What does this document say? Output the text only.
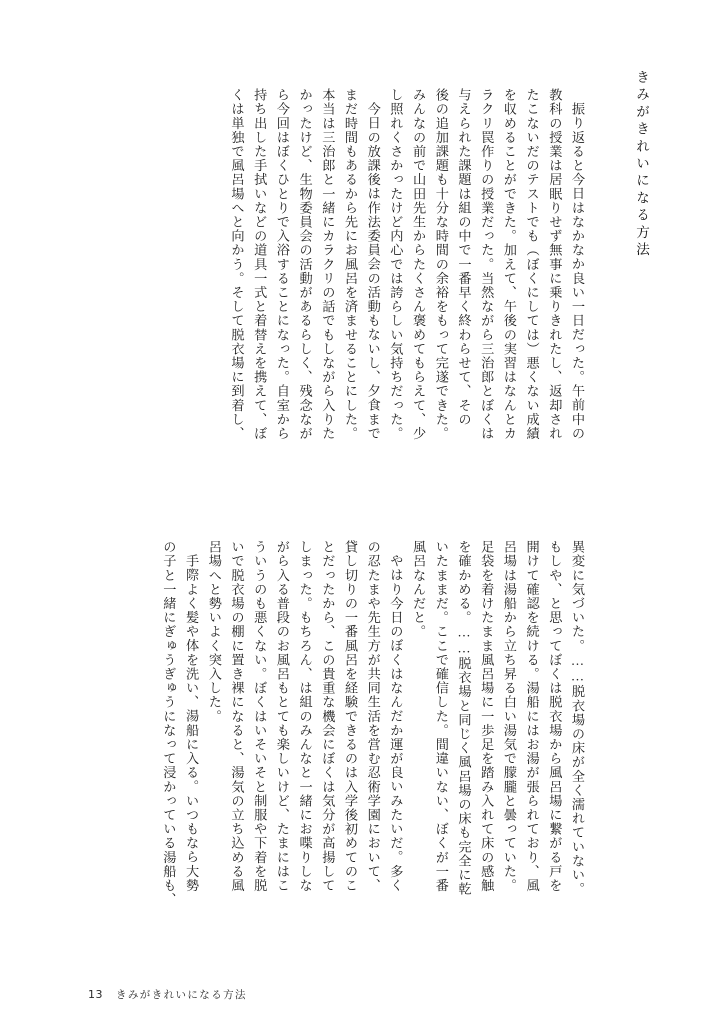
きみがきれいになる方法
振り返ると今日はなかなか良い一日だった。午前中の
教科の授業は居眠りせず無事に乗りきれたし、返却され
たこないだのテストでも（ぼくにしては）悪くない成績
を収めることができた。加えて、午後の実習はなんとカ
ラクリ罠作りの授業だった。当然ながら三治郎とぼくは
与えられた課題は組の中で一番早く終わらせて、その
後の追加課題も十分な時間の余裕をもって完遂できた。
みんなの前で山田先生からたくさん褒めてもらえて、少
し照れくさかったけど内心では誇らしい気持ちだった。
今日の放課後は作法委員会の活動もないし、夕食まで
まだ時間もあるから先にお風呂を済ませることにした。
本当は三治郎と一緒にカラクリの話でもしながら入りた
かったけど、生物委員会の活動があるらしく、残念なが
ら今回はぼくひとりで入浴することになった。自室から
持ち出した手拭いなどの道具一式と着替えを携えて、ぼ
くは単独で風呂場へと向かう。そして脱衣場に到着し、
異変に気づいた。……脱衣場の床が全く濡れていない。
もしや、と思ってぼくは脱衣場から風呂場に繋がる戸を
開けて確認を続ける。湯船にはお湯が張られており、風
呂場は湯船から立ち昇る白い湯気で朦朧と曇っていた。
足袋を着けたまま風呂場に一歩足を踏み入れて床の感触
を確かめる。……脱衣場と同じく風呂場の床も完全に乾
いたままだ。ここで確信した。間違いない、ぼくが一番
風呂なんだと。
やはり今日のぼくはなんだか運が良いみたいだ。多く
の忍たまや先生方が共同生活を営む忍術学園において、
貸し切りの一番風呂を経験できるのは入学後初めてのこ
とだったから、この貴重な機会にぼくは気分が高揚して
しまった。もちろん、は組のみんなと一緒にお喋りしな
がら入る普段のお風呂もとても楽しいけど、たまにはこ
ういうのも悪くない。ぼくはいそいそと制服や下着を脱
いで脱衣場の棚に置き裸になると、湯気の立ち込める風
呂場へと勢いよく突入した。
手際よく髪や体を洗い、湯船に入る。いつもなら大勢
の子と一緒にぎゅうぎゅうになって浸かっている湯船も、
13 きみがきれいになる方法
